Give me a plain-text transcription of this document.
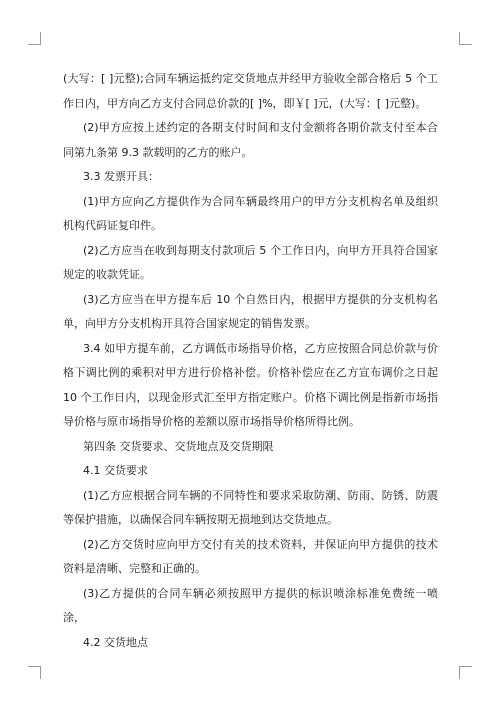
(大写：[ ]元整);合同车辆运抵约定交货地点并经甲方验收全部合格后 5 个工作日内，甲方向乙方支付合同总价款的[ ]%，即￥[ ]元，(大写：[ ]元整)。

(2)甲方应按上述约定的各期支付时间和支付金额将各期价款支付至本合同第九条第 9.3 款载明的乙方的账户。

3.3 发票开具：

(1)甲方应向乙方提供作为合同车辆最终用户的甲方分支机构名单及组织机构代码证复印件。

(2)乙方应当在收到每期支付款项后 5 个工作日内，向甲方开具符合国家规定的收款凭证。

(3)乙方应当在甲方提车后 10 个自然日内，根据甲方提供的分支机构名单，向甲方分支机构开具符合国家规定的销售发票。

3.4 如甲方提车前，乙方调低市场指导价格，乙方应按照合同总价款与价格下调比例的乘积对甲方进行价格补偿。价格补偿应在乙方宣布调价之日起 10 个工作日内，以现金形式汇至甲方指定账户。价格下调比例是指新市场指导价格与原市场指导价格的差额以原市场指导价格所得比例。

第四条 交货要求、交货地点及交货期限

4.1 交货要求

(1)乙方应根据合同车辆的不同特性和要求采取防潮、防雨、防锈、防震等保护措施，以确保合同车辆按期无损地到达交货地点。

(2)乙方交货时应向甲方交付有关的技术资料，并保证向甲方提供的技术资料是清晰、完整和正确的。

(3)乙方提供的合同车辆必须按照甲方提供的标识喷涂标准免费统一喷涂，

4.2 交货地点
